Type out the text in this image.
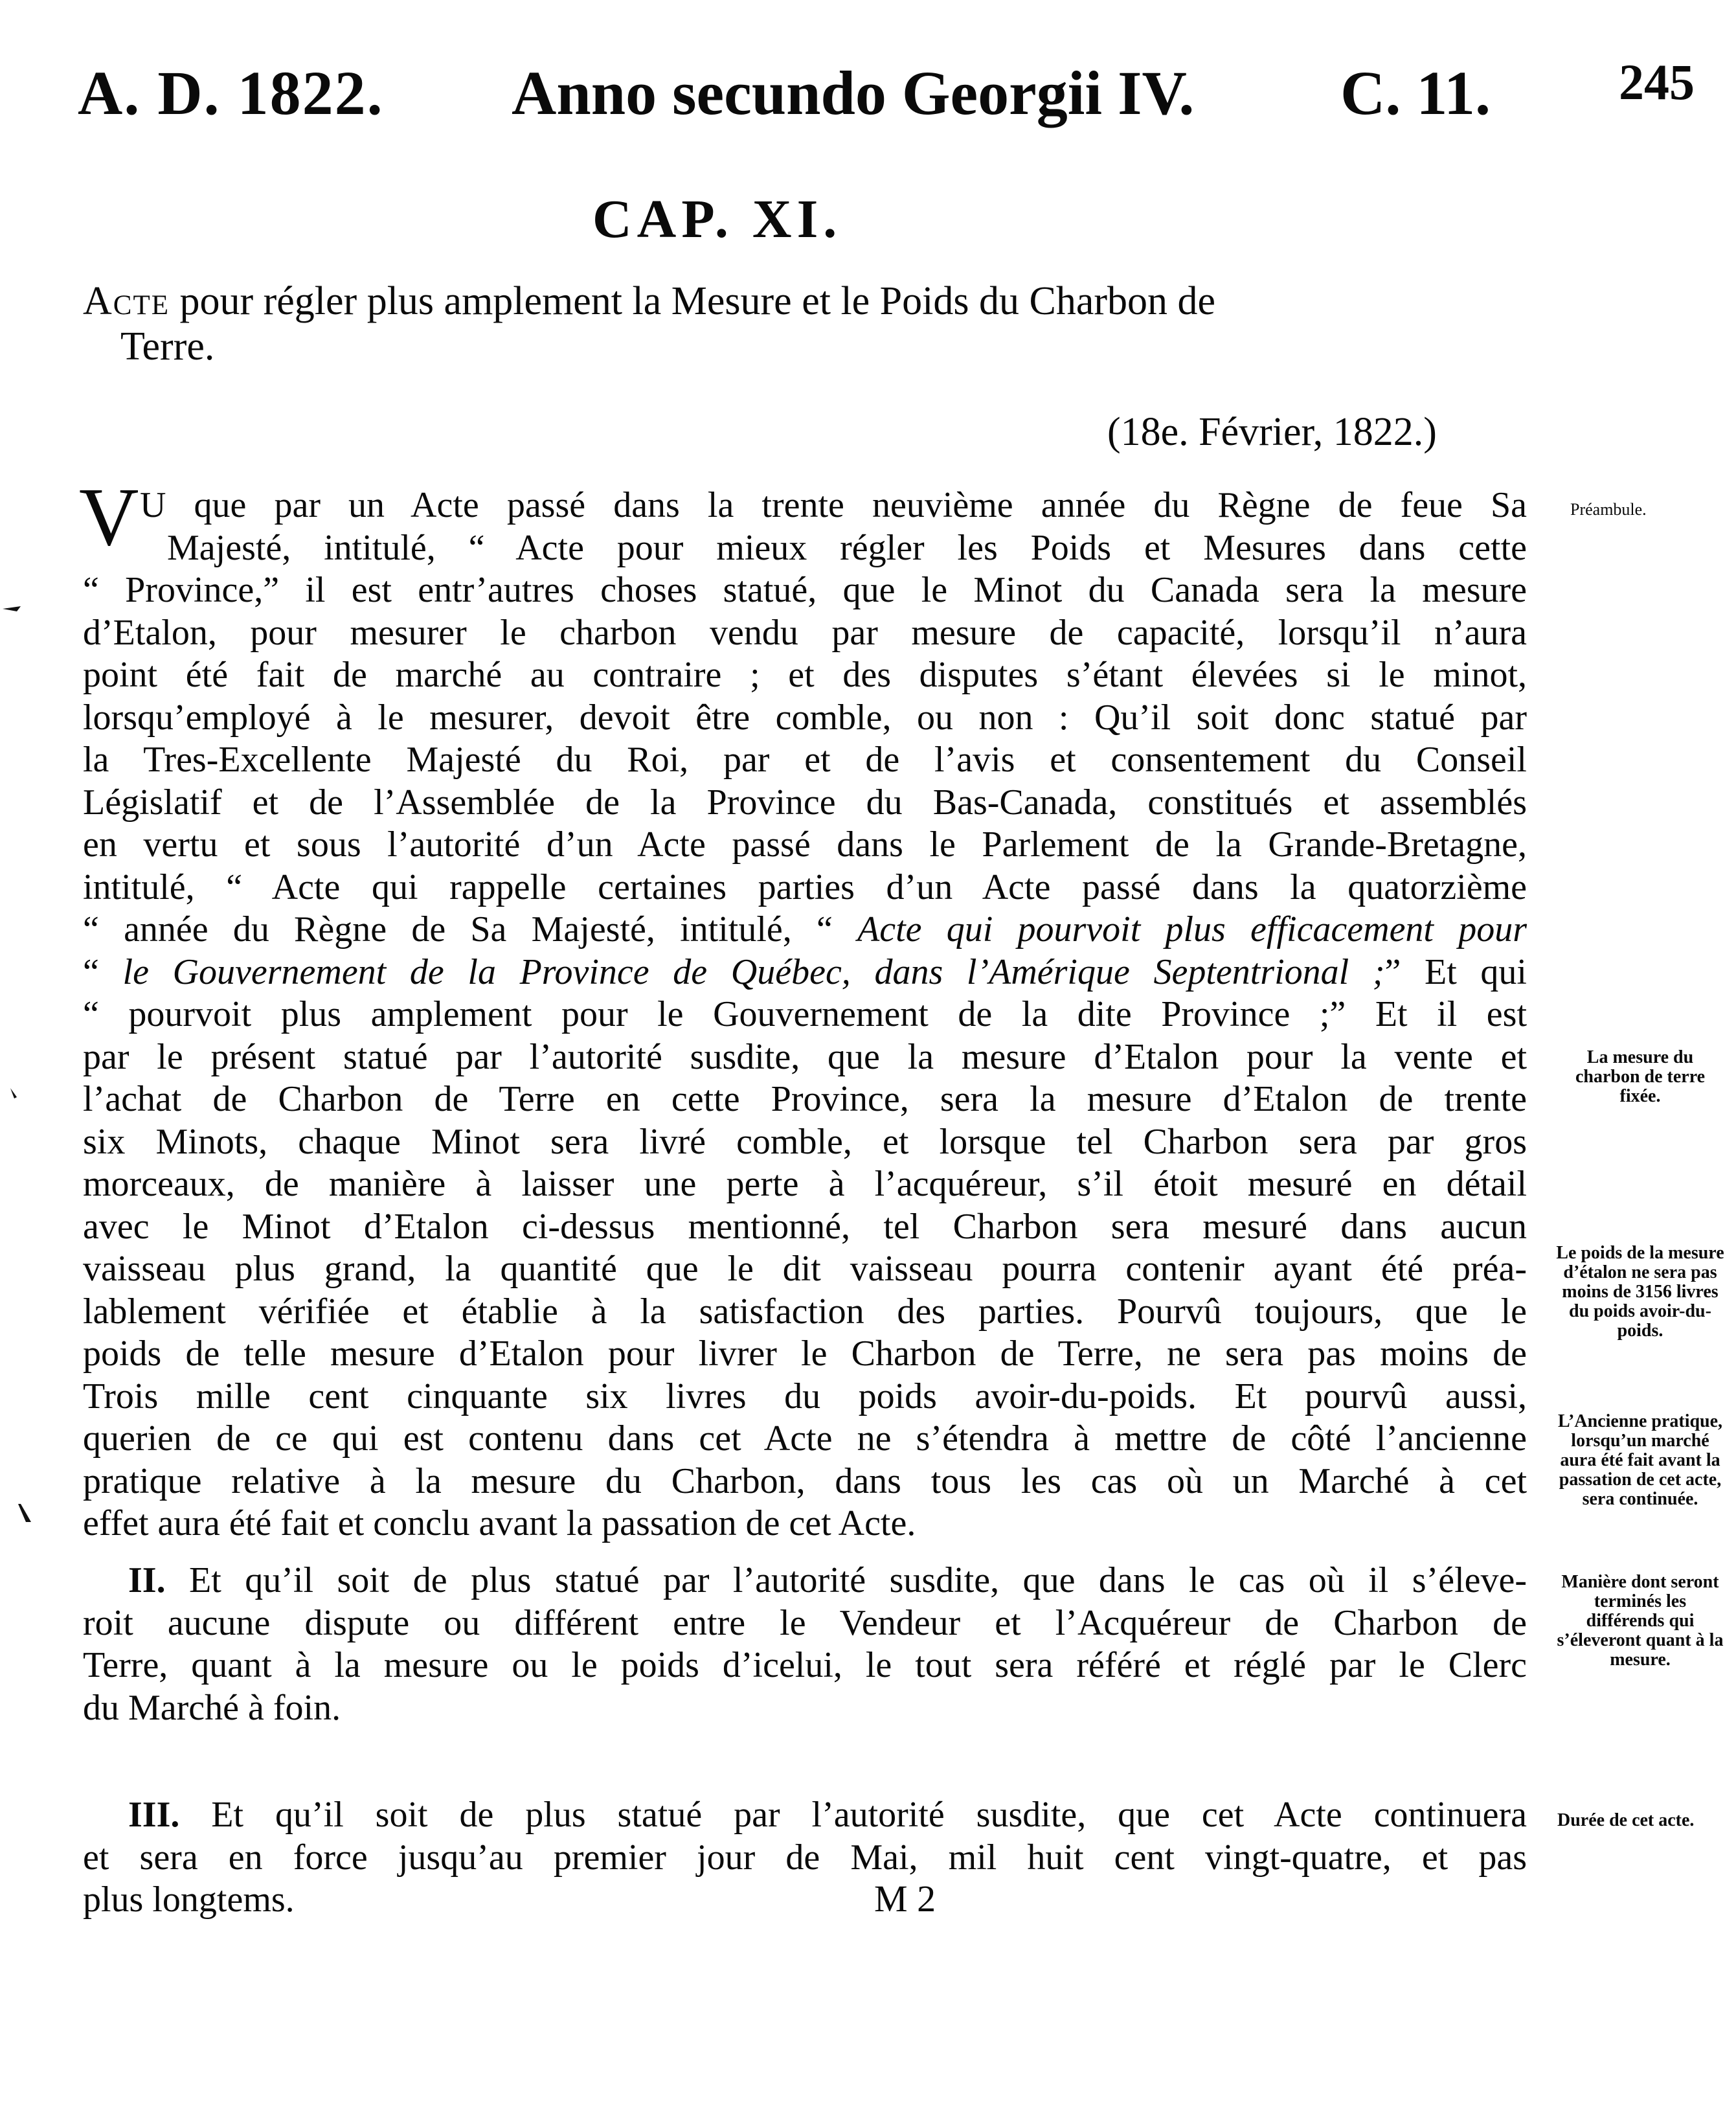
A. D. 1822. Anno secundo Georgii IV. C. 11.	245
CAP. XI.
Acte pour régler plus amplement la Mesure et le Poids du Charbon de
Terre.
(18e. Février, 1822.)
V U que par un Acte passé dans la trente neuvième année du Règne de feue Sa
Majesté, intitulé, “ Acte pour mieux régler les Poids et Mesures dans cette
“ Province,” il est entr’autres choses statué, que le Minot du Canada sera la mesure
d’Etalon, pour mesurer le charbon vendu par mesure de capacité, lorsqu’il n’aura
point été fait de marché au contraire ; et des disputes s’étant élevées si le minot,
lorsqu’employé à le mesurer, devoit être comble, ou non : Qu’il soit donc statué par
la Tres-Excellente Majesté du Roi, par et de l’avis et consentement du Conseil
Législatif et de l’Assemblée de la Province du Bas-Canada, constitués et assemblés
en vertu et sous l’autorité d’un Acte passé dans le Parlement de la Grande-Bretagne,
intitulé, “ Acte qui rappelle certaines parties d’un Acte passé dans la quatorzième
“ année du Règne de Sa Majesté, intitulé, “ Acte qui pourvoit plus efficacement pour
“ le Gouvernement de la Province de Québec, dans l’Amérique Septentrional ;” Et qui
“ pourvoit plus amplement pour le Gouvernement de la dite Province ;” Et il est
par le présent statué par l’autorité susdite, que la mesure d’Etalon pour la vente et
l’achat de Charbon de Terre en cette Province, sera la mesure d’Etalon de trente
six Minots, chaque Minot sera livré comble, et lorsque tel Charbon sera par gros
morceaux, de manière à laisser une perte à l’acquéreur, s’il étoit mesuré en détail
avec le Minot d’Etalon ci-dessus mentionné, tel Charbon sera mesuré dans aucun
vaisseau plus grand, la quantité que le dit vaisseau pourra contenir ayant été préa-
lablement vérifiée et établie à la satisfaction des parties. Pourvû toujours, que le
poids de telle mesure d’Etalon pour livrer le Charbon de Terre, ne sera pas moins de
Trois mille cent cinquante six livres du poids avoir-du-poids. Et pourvû aussi,
querien de ce qui est contenu dans cet Acte ne s’étendra à mettre de côté l’ancienne
pratique relative à la mesure du Charbon, dans tous les cas où un Marché à cet
effet aura été fait et conclu avant la passation de cet Acte.
II. Et qu’il soit de plus statué par l’autorité susdite, que dans le cas où il s’éleve-
roit aucune dispute ou différent entre le Vendeur et l’Acquéreur de Charbon de
Terre, quant à la mesure ou le poids d’icelui, le tout sera référé et réglé par le Clerc
du Marché à foin.
III. Et qu’il soit de plus statué par l’autorité susdite, que cet Acte continuera
et sera en force jusqu’au premier jour de Mai, mil huit cent vingt-quatre, et pas
plus longtems.	M 2
Préambule.
La mesure du charbon de terre fixée.
Le poids de la mesure d’étalon ne sera pas moins de 3156 livres du poids avoir-du-poids.
L’Ancienne pratique, lorsqu’un marché aura été fait avant la passation de cet acte, sera continuée.
Manière dont seront terminés les différends qui s’éleveront quant à la mesure.
Durée de cet acte.
